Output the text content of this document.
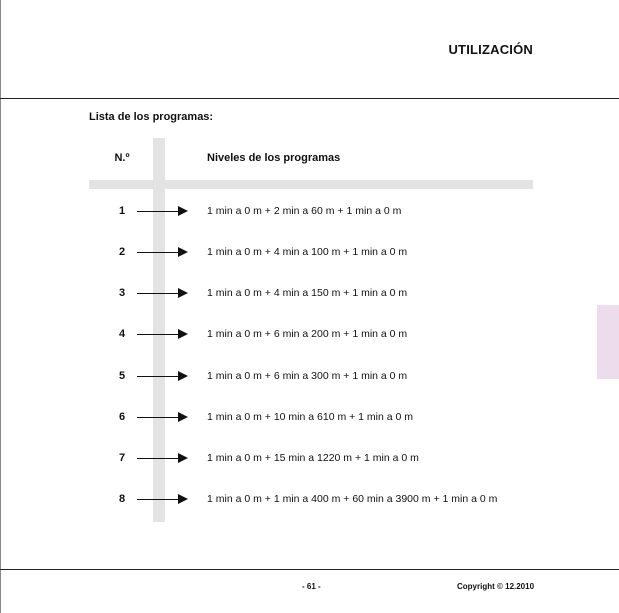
UTILIZACIÓN
Lista de los programas:
N.º	Niveles de los programas
1	1 min a 0 m + 2 min a 60 m + 1 min a 0 m
2	1 min a 0 m + 4 min a 100 m + 1 min a 0 m
3	1 min a 0 m + 4 min a 150 m + 1 min a 0 m
4	1 min a 0 m + 6 min a 200 m + 1 min a 0 m
5	1 min a 0 m + 6 min a 300 m + 1 min a 0 m
6	1 min a 0 m + 10 min a 610 m + 1 min a 0 m
7	1 min a 0 m + 15 min a 1220 m + 1 min a 0 m
8	1 min a 0 m + 1 min a 400 m + 60 min a 3900 m + 1 min a 0 m
- 61 -	Copyright © 12.2010
